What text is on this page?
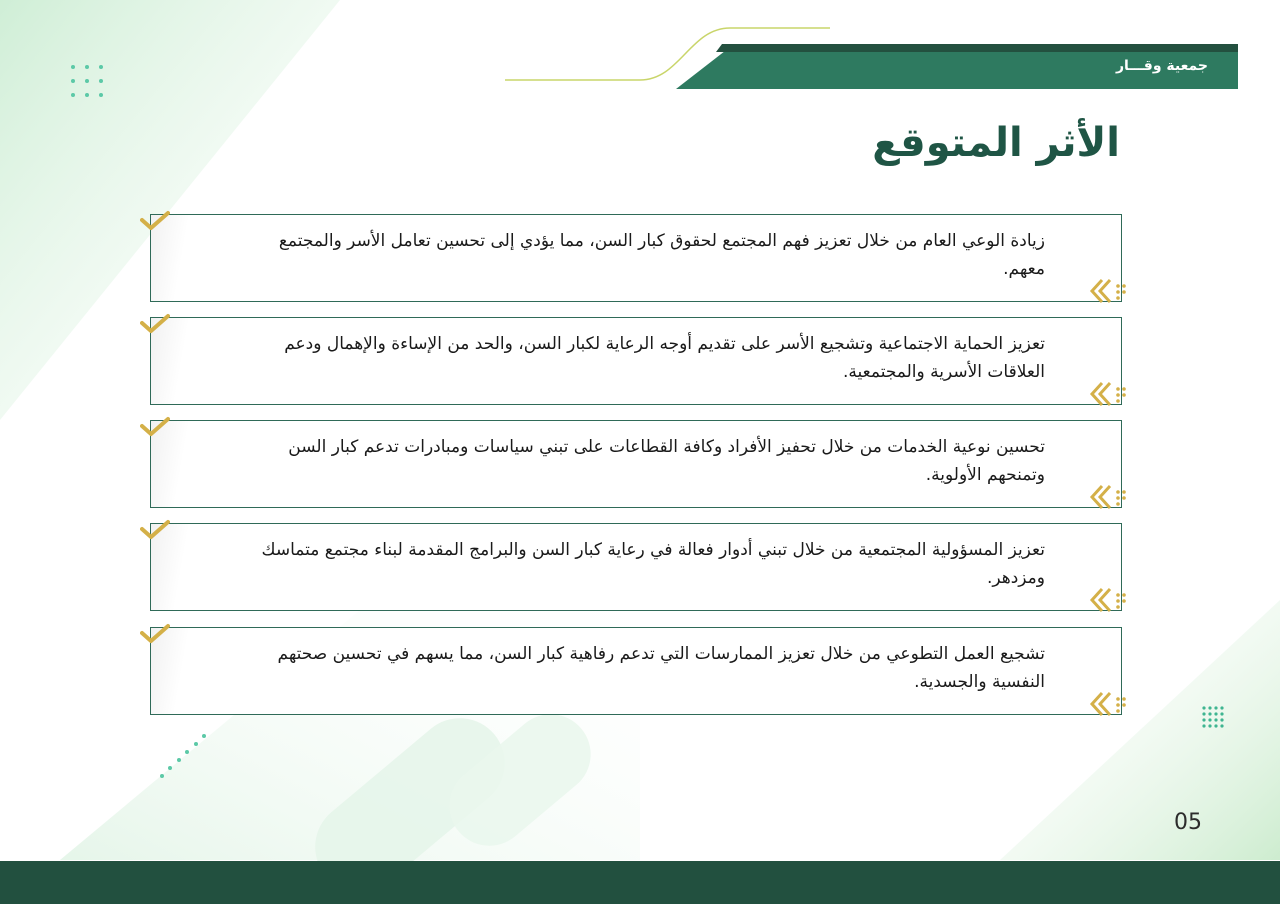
جمعية وقـــار
الأثر المتوقع
زيادة الوعي العام من خلال تعزيز فهم المجتمع لحقوق كبار السن، مما يؤدي إلى تحسين تعامل الأسر والمجتمع معهم.
تعزيز الحماية الاجتماعية وتشجيع الأسر على تقديم أوجه الرعاية لكبار السن، والحد من الإساءة والإهمال ودعم العلاقات الأسرية والمجتمعية.
تحسين نوعية الخدمات من خلال تحفيز الأفراد وكافة القطاعات على تبني سياسات ومبادرات تدعم كبار السن وتمنحهم الأولوية.
تعزيز المسؤولية المجتمعية من خلال تبني أدوار فعالة في رعاية كبار السن والبرامج المقدمة لبناء مجتمع متماسك ومزدهر.
تشجيع العمل التطوعي من خلال تعزيز الممارسات التي تدعم رفاهية كبار السن، مما يسهم في تحسين صحتهم النفسية والجسدية.
05
